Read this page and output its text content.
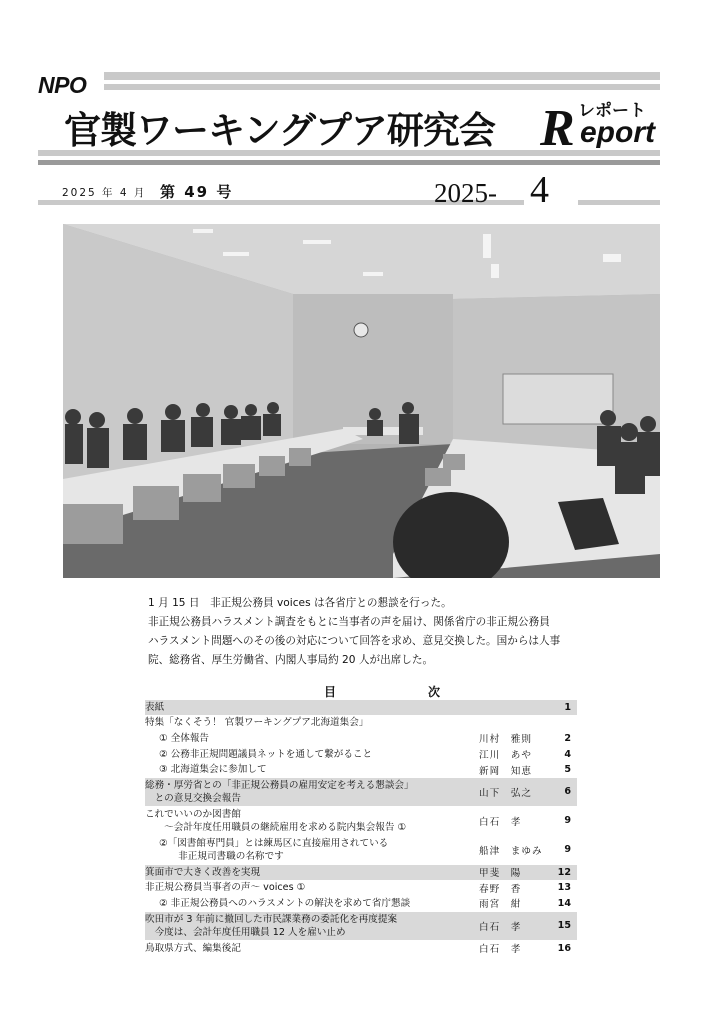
NPO
官製ワーキングプア研究会	レポート
R eport
2025 年 4 月 第 49 号	2025- 4

1 月 15 日　非正規公務員 voices は各省庁との懇談を行った。

非正規公務員ハラスメント調査をもとに当事者の声を届け、関係省庁の非正規公務員

ハラスメント問題へのその後の対応について回答を求め、意見交換した。国からは人事

院、総務省、厚生労働省、内閣人事局約 20 人が出席した。

目　次
表紙	1
特集「なくそう！ 官製ワーキングプア北海道集会」
① 全体報告	川村　雅則	2
② 公務非正規問題議員ネットを通して繋がること	江川　あや	4
③ 北海道集会に参加して	新岡　知恵	5
総務・厚労省との「非正規公務員の雇用安定を考える懇談会」
　との意見交換会報告	山下　弘之	6
これでいいのか図書館
　　〜会計年度任用職員の継続雇用を求める院内集会報告 ①	白石　孝	9
②「図書館専門員」とは練馬区に直接雇用されている
　　非正規司書職の名称です	船津　まゆみ	9
箕面市で大きく改善を実現	甲斐　陽	12
非正規公務員当事者の声〜 voices ①	春野　香	13
② 非正規公務員へのハラスメントの解決を求めて省庁懇談	雨宮　紺	14
吹田市が 3 年前に撤回した市民課業務の委託化を再度提案
　今度は、会計年度任用職員 12 人を雇い止め	白石　孝	15
鳥取県方式、編集後記	白石　孝	16
